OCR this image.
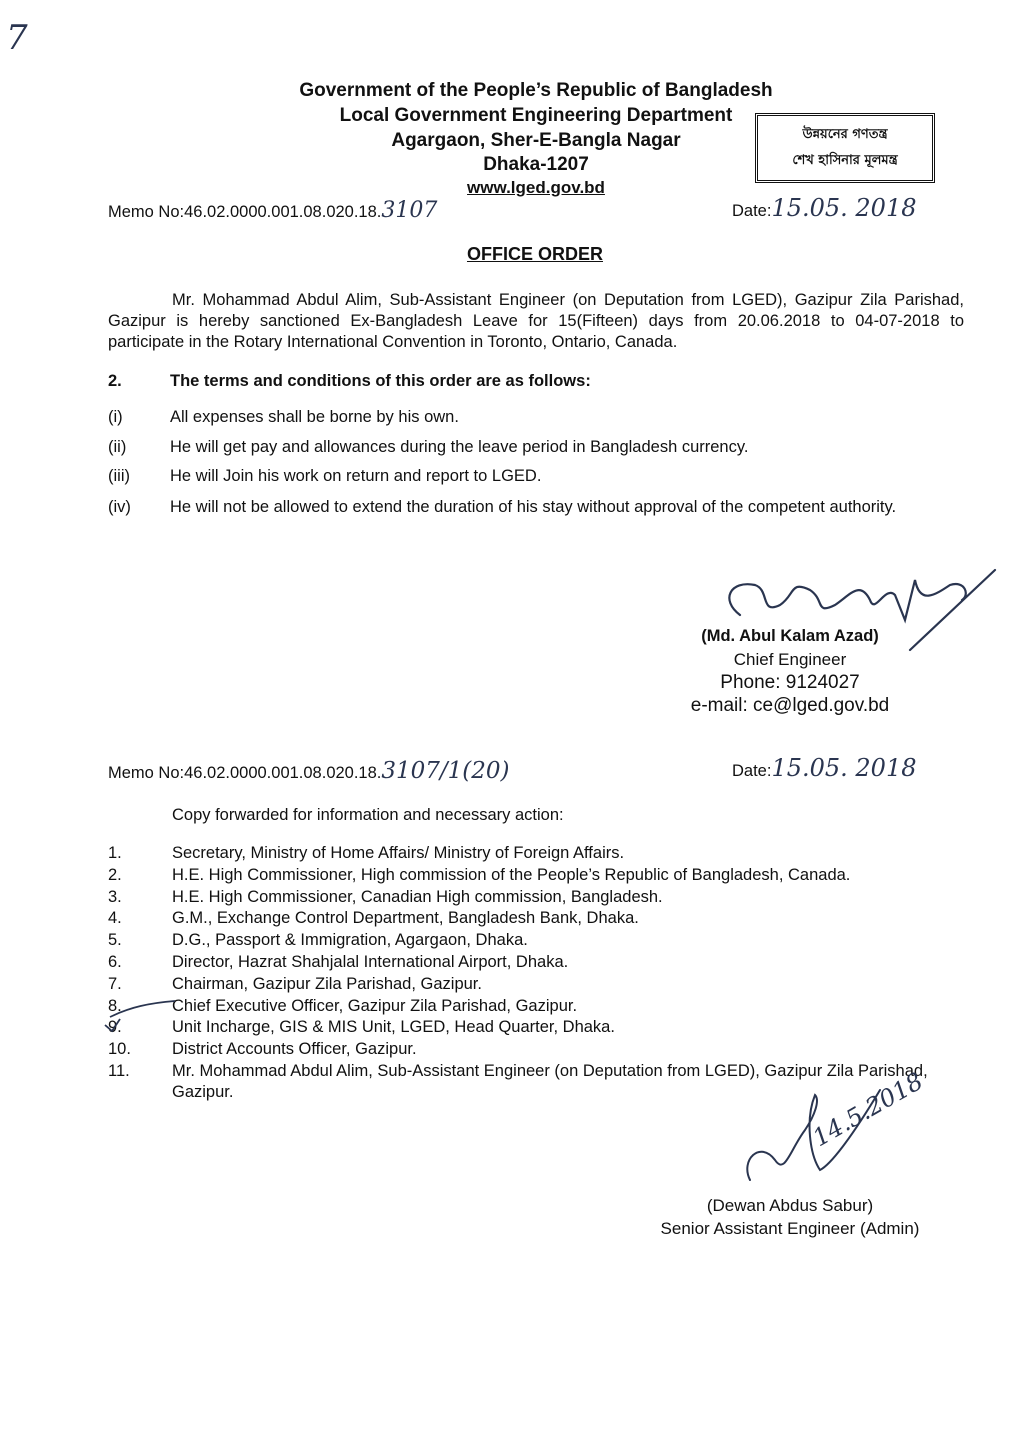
7
Government of the People’s Republic of Bangladesh
Local Government Engineering Department
Agargaon, Sher-E-Bangla Nagar
Dhaka-1207
www.lged.gov.bd
উন্নয়নের গণতন্ত্র
শেখ হাসিনার মূলমন্ত্র
Memo No:46.02.0000.001.08.020.18.3107	Date:15.05. 2018
OFFICE ORDER
Mr. Mohammad Abdul Alim, Sub-Assistant Engineer (on Deputation from LGED), Gazipur Zila Parishad, Gazipur is hereby sanctioned Ex-Bangladesh Leave for 15(Fifteen) days from 20.06.2018 to 04-07-2018 to participate in the Rotary International Convention in Toronto, Ontario, Canada.
2.	The terms and conditions of this order are as follows:
(i)	All expenses shall be borne by his own.
(ii)	He will get pay and allowances during the leave period in Bangladesh currency.
(iii)	He will Join his work on return and report to LGED.
(iv)	He will not be allowed to extend the duration of his stay without approval of the competent authority.
(Md. Abul Kalam Azad)
Chief Engineer
Phone: 9124027
e-mail: ce@lged.gov.bd
Memo No:46.02.0000.001.08.020.18.3107/1(20)	Date:15.05. 2018
Copy forwarded for information and necessary action:
1.	Secretary, Ministry of Home Affairs/ Ministry of Foreign Affairs.
2.	H.E. High Commissioner, High commission of the People’s Republic of Bangladesh, Canada.
3.	H.E. High Commissioner, Canadian High commission, Bangladesh.
4.	G.M., Exchange Control Department, Bangladesh Bank, Dhaka.
5.	D.G., Passport & Immigration, Agargaon, Dhaka.
6.	Director, Hazrat Shahjalal International Airport, Dhaka.
7.	Chairman, Gazipur Zila Parishad, Gazipur.
8.	Chief Executive Officer, Gazipur Zila Parishad, Gazipur.
9.	Unit Incharge, GIS & MIS Unit, LGED, Head Quarter, Dhaka.
10.	District Accounts Officer, Gazipur.
11.	Mr. Mohammad Abdul Alim, Sub-Assistant Engineer (on Deputation from LGED), Gazipur Zila Parishad, Gazipur.	14.5.2018
(Dewan Abdus Sabur)
Senior Assistant Engineer (Admin)
